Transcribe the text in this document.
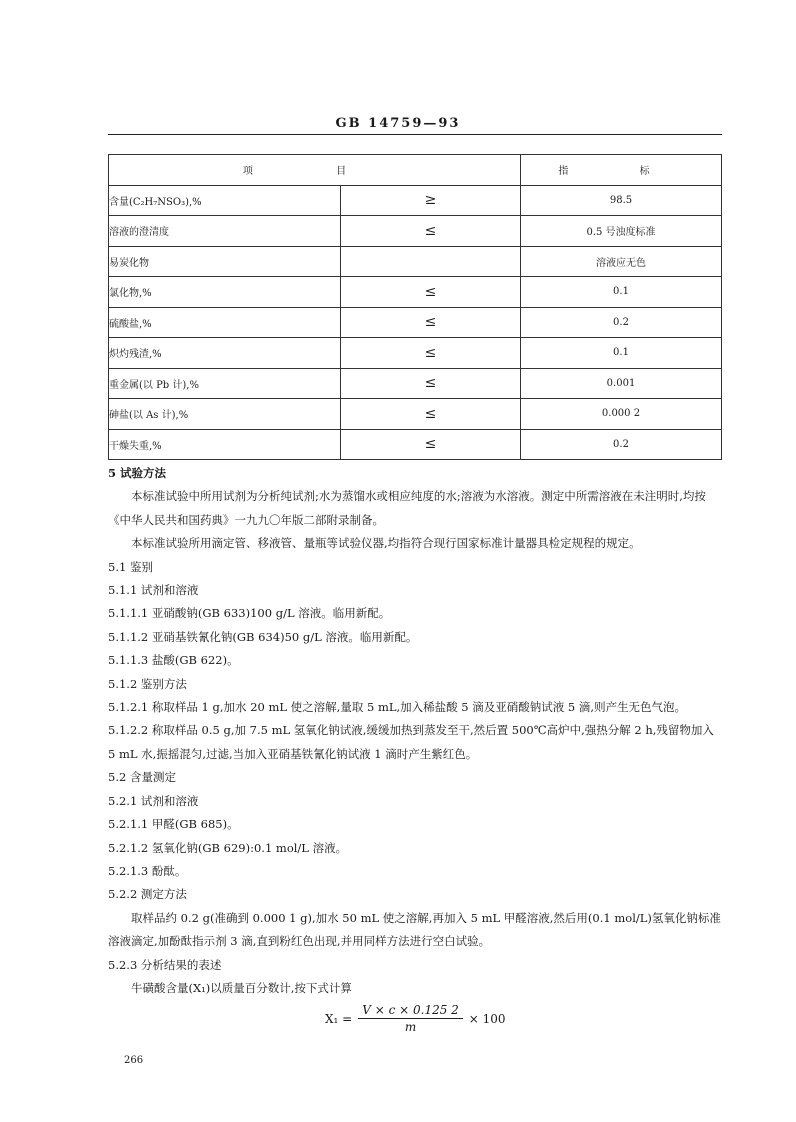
GB 14759—93
项 目		指 标
含量(C₂H₇NSO₃),%	≥	98.5
溶液的澄清度	≤	0.5 号浊度标准
易炭化物		溶液应无色
氯化物,%	≤	0.1
硫酸盐,%	≤	0.2
炽灼残渣,%	≤	0.1
重金属(以 Pb 计),%	≤	0.001
砷盐(以 As 计),%	≤	0.000 2
干燥失重,%	≤	0.2

5 试验方法

本标准试验中所用试剂为分析纯试剂;水为蒸馏水或相应纯度的水;溶液为水溶液。测定中所需溶液在未注明时,均按《中华人民共和国药典》一九九〇年版二部附录制备。

本标准试验所用滴定管、移液管、量瓶等试验仪器,均指符合现行国家标准计量器具检定规程的规定。

5.1 鉴别

5.1.1 试剂和溶液

5.1.1.1 亚硝酸钠(GB 633)100 g/L 溶液。临用新配。

5.1.1.2 亚硝基铁氰化钠(GB 634)50 g/L 溶液。临用新配。

5.1.1.3 盐酸(GB 622)。

5.1.2 鉴别方法

5.1.2.1 称取样品 1 g,加水 20 mL 使之溶解,量取 5 mL,加入稀盐酸 5 滴及亚硝酸钠试液 5 滴,则产生无色气泡。

5.1.2.2 称取样品 0.5 g,加 7.5 mL 氢氧化钠试液,缓缓加热到蒸发至干,然后置 500℃高炉中,强热分解 2 h,残留物加入 5 mL 水,振摇混匀,过滤,当加入亚硝基铁氰化钠试液 1 滴时产生紫红色。

5.2 含量测定

5.2.1 试剂和溶液

5.2.1.1 甲醛(GB 685)。

5.2.1.2 氢氧化钠(GB 629):0.1 mol/L 溶液。

5.2.1.3 酚酞。

5.2.2 测定方法

取样品约 0.2 g(准确到 0.000 1 g),加水 50 mL 使之溶解,再加入 5 mL 甲醛溶液,然后用(0.1 mol/L)氢氧化钠标准溶液滴定,加酚酞指示剂 3 滴,直到粉红色出现,并用同样方法进行空白试验。

5.2.3 分析结果的表述

牛磺酸含量(X₁)以质量百分数计,按下式计算

$X_1 = \frac{V \times c \times 0.125 2}{m} \times 100$
266
